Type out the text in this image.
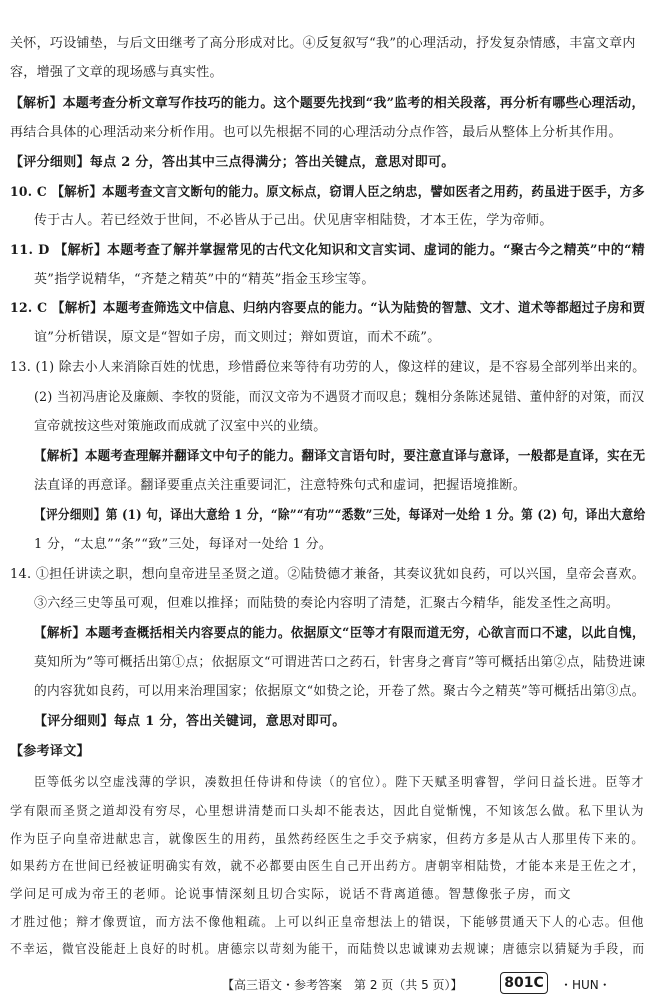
关怀，巧设铺垫，与后文田继考了高分形成对比。④反复叙写“我”的心理活动，抒发复杂情感，丰富文章内
容，增强了文章的现场感与真实性。
【解析】本题考查分析文章写作技巧的能力。这个题要先找到“我”监考的相关段落，再分析有哪些心理活动，
再结合具体的心理活动来分析作用。也可以先根据不同的心理活动分点作答，最后从整体上分析其作用。
【评分细则】每点 2 分，答出其中三点得满分；答出关键点，意思对即可。
10. C 【解析】本题考查文言文断句的能力。原文标点，窃谓人臣之纳忠，譬如医者之用药，药虽进于医手，方多
传于古人。若已经效于世间，不必皆从于己出。伏见唐宰相陆贽，才本王佐，学为帝师。
11. D 【解析】本题考查了解并掌握常见的古代文化知识和文言实词、虚词的能力。“聚古今之精英”中的“精
英”指学说精华，“齐楚之精英”中的“精英”指金玉珍宝等。
12. C 【解析】本题考查筛选文中信息、归纳内容要点的能力。“认为陆贽的智慧、文才、道术等都超过子房和贾
谊”分析错误，原文是“智如子房，而文则过；辩如贾谊，而术不疏”。
13. (1) 除去小人来消除百姓的忧患，珍惜爵位来等待有功劳的人，像这样的建议，是不容易全部列举出来的。
(2) 当初冯唐论及廉颇、李牧的贤能，而汉文帝为不遇贤才而叹息；魏相分条陈述晁错、董仲舒的对策，而汉
宣帝就按这些对策施政而成就了汉室中兴的业绩。
【解析】本题考查理解并翻译文中句子的能力。翻译文言语句时，要注意直译与意译，一般都是直译，实在无
法直译的再意译。翻译要重点关注重要词汇，注意特殊句式和虚词，把握语境推断。
【评分细则】第 (1) 句，译出大意给 1 分，“除”“有功”“悉数”三处，每译对一处给 1 分。第 (2) 句，译出大意给
1 分，“太息”“条”“致”三处，每译对一处给 1 分。
14. ①担任讲读之职，想向皇帝进呈圣贤之道。②陆贽德才兼备，其奏议犹如良药，可以兴国，皇帝会喜欢。
③六经三史等虽可观，但难以推择；而陆贽的奏论内容明了清楚，汇聚古今精华，能发圣性之高明。
【解析】本题考查概括相关内容要点的能力。依据原文“臣等才有限而道无穷，心欲言而口不逮，以此自愧，
莫知所为”等可概括出第①点；依据原文“可谓进苦口之药石，针害身之膏肓”等可概括出第②点，陆贽进谏
的内容犹如良药，可以用来治理国家；依据原文“如贽之论，开卷了然。聚古今之精英”等可概括出第③点。
【评分细则】每点 1 分，答出关键词，意思对即可。
【参考译文】
臣等低劣以空虚浅薄的学识，凑数担任侍讲和侍读（的官位）。陛下天赋圣明睿智，学问日益长进。臣等才
学有限而圣贤之道却没有穷尽，心里想讲清楚而口头却不能表达，因此自觉惭愧，不知该怎么做。私下里认为
作为臣子向皇帝进献忠言，就像医生的用药，虽然药经医生之手交予病家，但药方多是从古人那里传下来的。
如果药方在世间已经被证明确实有效，就不必都要由医生自己开出药方。唐朝宰相陆贽，才能本来是王佐之才，
学问足可成为帝王的老师。论说事情深刻且切合实际，说话不背离道德。智慧像张子房，而文
才胜过他；辩才像贾谊，而方法不像他粗疏。上可以纠正皇帝想法上的错误，下能够贯通天下人的心志。但他
不幸运，微官没能赶上良好的时机。唐德宗以苛刻为能干，而陆贽以忠诚谏劝去规谏；唐德宗以猜疑为手段，而
【高三语文・参考答案　第 2 页（共 5 页）】	801C	・HUN・
